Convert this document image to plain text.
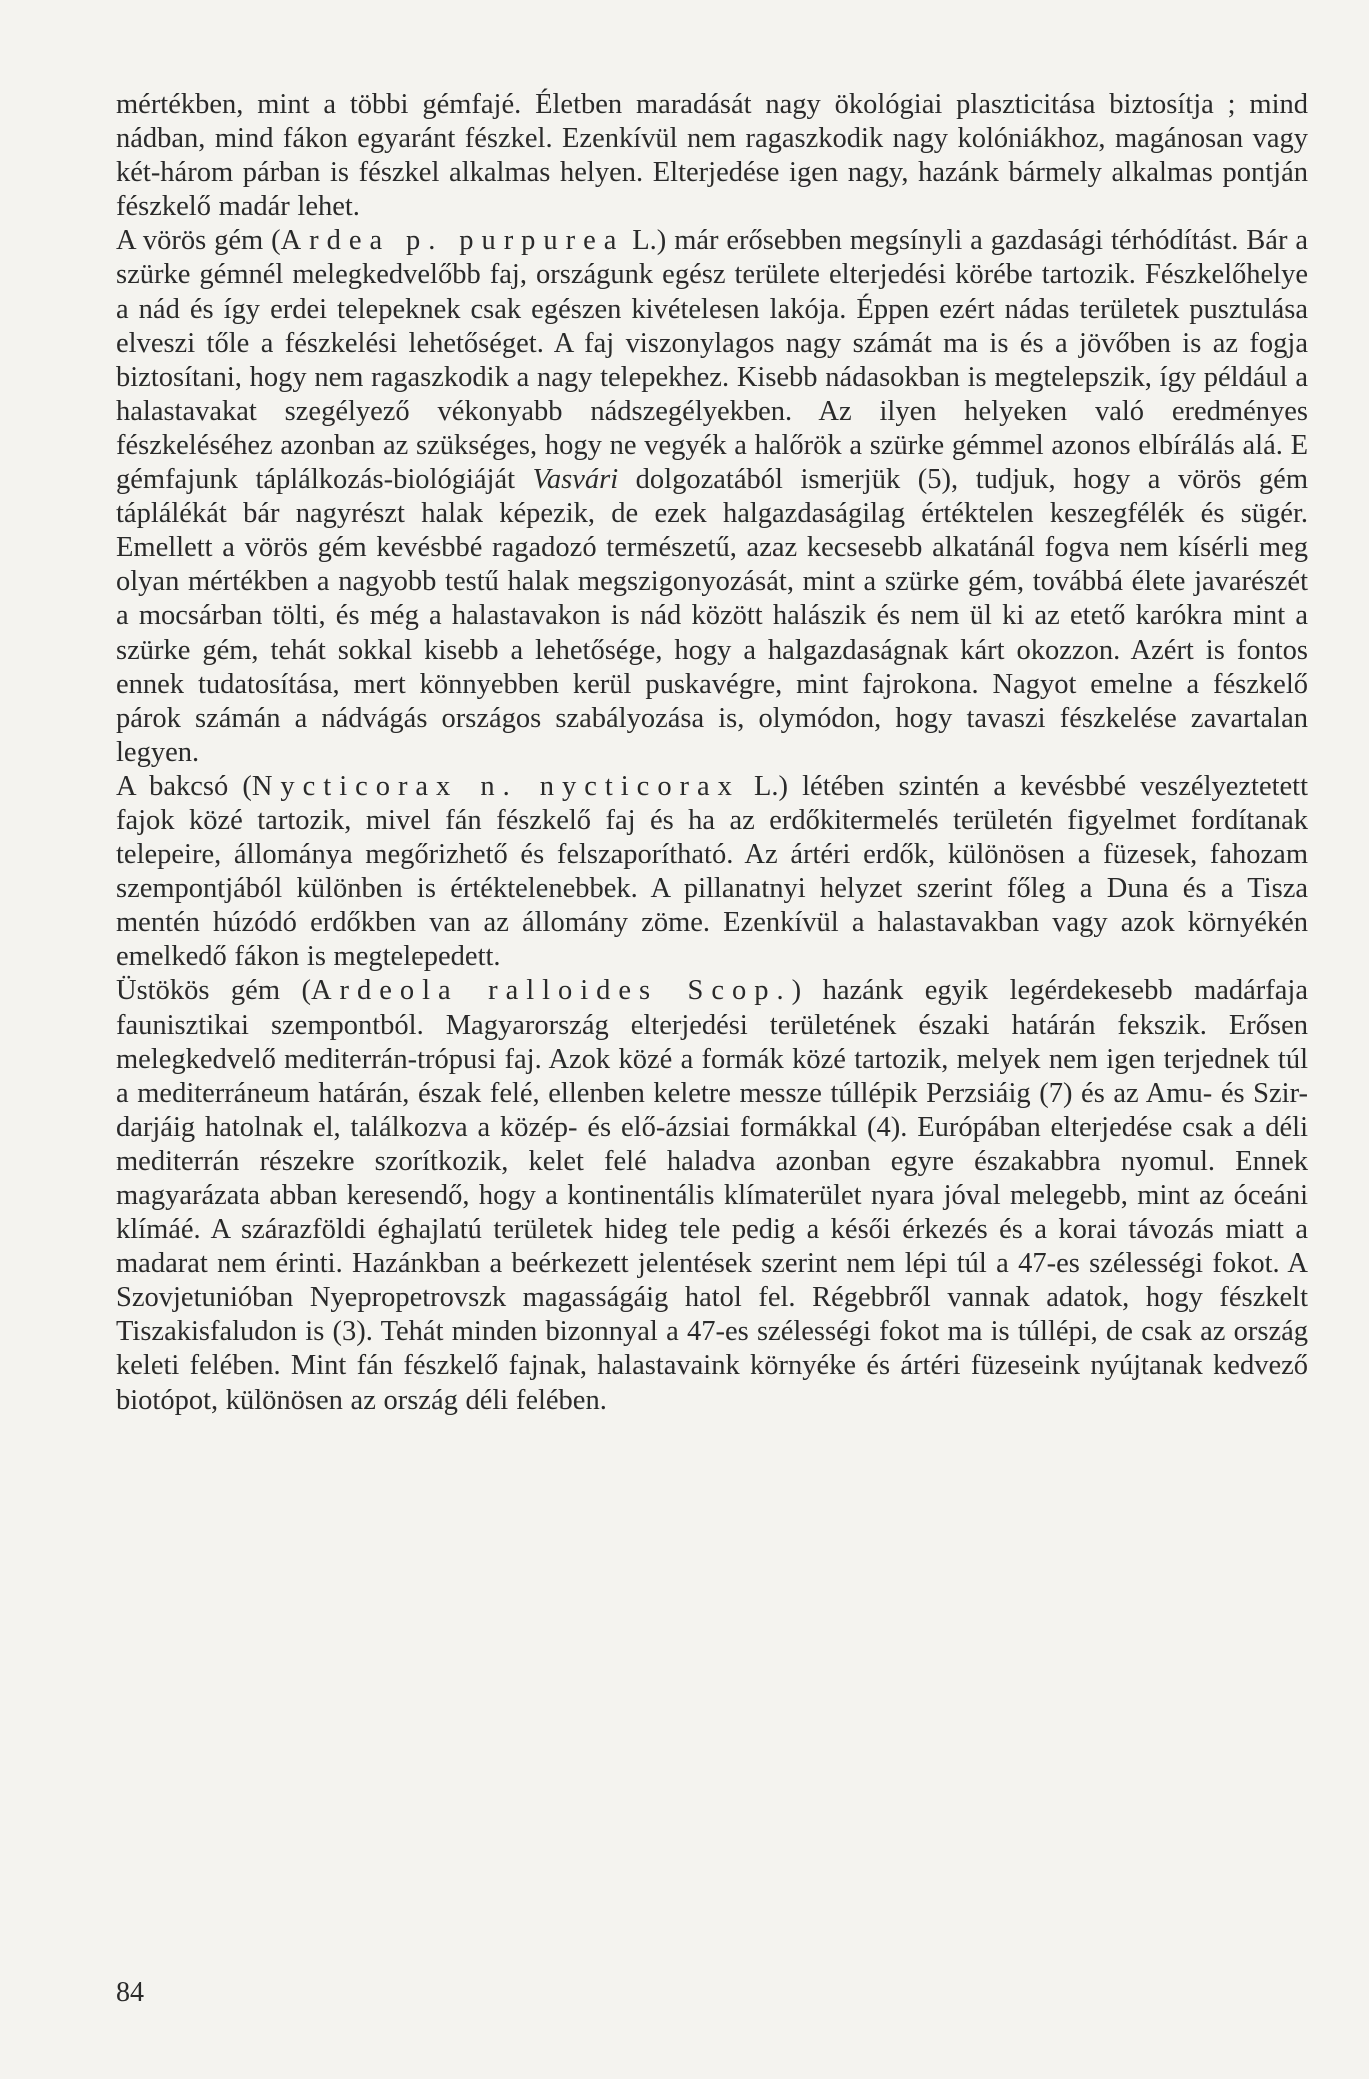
mértékben, mint a többi gémfajé. Életben maradását nagy ökológiai plaszticitása biztosítja ; mind nádban, mind fákon egyaránt fészkel. Ezenkívül nem ragaszkodik nagy kolóniákhoz, magánosan vagy két-három párban is fészkel alkalmas helyen. Elterjedése igen nagy, hazánk bármely alkalmas pontján fészkelő madár lehet.

A vörös gém (Ardea p. purpurea L.) már erősebben megsínyli a gazdasági térhódítást. Bár a szürke gémnél melegkedvelőbb faj, országunk egész területe elterjedési körébe tartozik. Fészkelőhelye a nád és így erdei telepeknek csak egészen kivételesen lakója. Éppen ezért nádas területek pusztulása elveszi tőle a fészkelési lehetőséget. A faj viszonylagos nagy számát ma is és a jövőben is az fogja biztosítani, hogy nem ragaszkodik a nagy telepekhez. Kisebb nádasokban is megtelepszik, így például a halastavakat szegélyező vékonyabb nádszegélyekben. Az ilyen helyeken való eredményes fészkeléséhez azonban az szükséges, hogy ne vegyék a halőrök a szürke gémmel azonos elbírálás alá. E gémfajunk táplálkozás-biológiáját Vasvári dolgozatából ismerjük (5), tudjuk, hogy a vörös gém táplálékát bár nagyrészt halak képezik, de ezek halgazdaságilag értéktelen keszegfélék és sügér. Emellett a vörös gém kevésbbé ragadozó természetű, azaz kecsesebb alkatánál fogva nem kísérli meg olyan mértékben a nagyobb testű halak megszigonyozását, mint a szürke gém, továbbá élete javarészét a mocsárban tölti, és még a halastavakon is nád között halászik és nem ül ki az etető karókra mint a szürke gém, tehát sokkal kisebb a lehetősége, hogy a halgazdaságnak kárt okozzon. Azért is fontos ennek tudatosítása, mert könnyebben kerül puskavégre, mint fajrokona. Nagyot emelne a fészkelő párok számán a nádvágás országos szabályozása is, olymódon, hogy tavaszi fészkelése zavartalan legyen.

A bakcsó (Nycticorax n. nycticorax L.) létében szintén a kevésbbé veszélyeztetett fajok közé tartozik, mivel fán fészkelő faj és ha az erdőkitermelés területén figyelmet fordítanak telepeire, állománya megőrizhető és felszaporítható. Az ártéri erdők, különösen a füzesek, fahozam szempontjából különben is értéktelenebbek. A pillanatnyi helyzet szerint főleg a Duna és a Tisza mentén húzódó erdőkben van az állomány zöme. Ezenkívül a halastavakban vagy azok környékén emelkedő fákon is megtelepedett.

Üstökös gém (Ardeola ralloides Scop.) hazánk egyik legérdekesebb madárfaja faunisztikai szempontból. Magyarország elterjedési területének északi határán fekszik. Erősen melegkedvelő mediterrán-trópusi faj. Azok közé a formák közé tartozik, melyek nem igen terjednek túl a mediterráneum határán, észak felé, ellenben keletre messze túllépik Perzsiáig (7) és az Amu- és Szir-darjáig hatolnak el, találkozva a közép- és elő-ázsiai formákkal (4). Európában elterjedése csak a déli mediterrán részekre szorítkozik, kelet felé haladva azonban egyre északabbra nyomul. Ennek magyarázata abban keresendő, hogy a kontinentális klímaterület nyara jóval melegebb, mint az óceáni klímáé. A szárazföldi éghajlatú területek hideg tele pedig a késői érkezés és a korai távozás miatt a madarat nem érinti. Hazánkban a beérkezett jelentések szerint nem lépi túl a 47-es szélességi fokot. A Szovjetunióban Nyepropetrovszk magasságáig hatol fel. Régebbről vannak adatok, hogy fészkelt Tiszakisfaludon is (3). Tehát minden bizonnyal a 47-es szélességi fokot ma is túllépi, de csak az ország keleti felében. Mint fán fészkelő fajnak, halastavaink környéke és ártéri füzeseink nyújtanak kedvező biotópot, különösen az ország déli felében.

84
